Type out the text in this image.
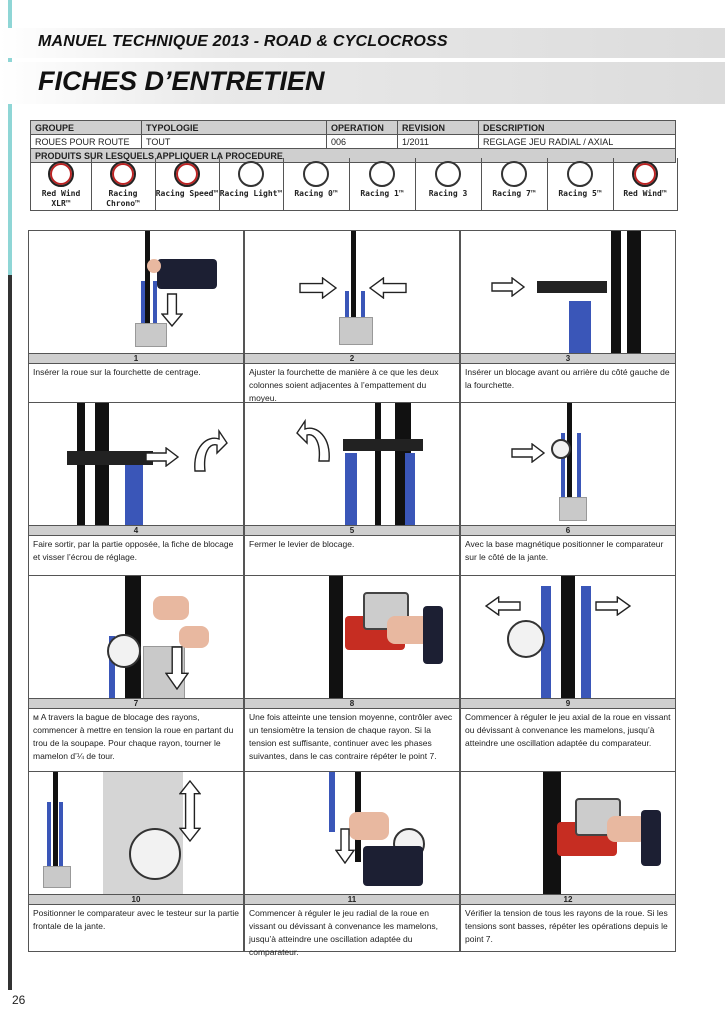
MANUEL TECHNIQUE 2013 - ROAD & CYCLOCROSS
FICHES D’ENTRETIEN
GROUPE	TYPOLOGIE	OPERATION	REVISION	DESCRIPTION
ROUES POUR ROUTE	TOUT	006	1/2011	REGLAGE JEU RADIAL / AXIAL
PRODUITS SUR LESQUELS APPLIQUER LA PROCEDURE				
Red Wind XLR™
Racing Chrono™
Racing Speed™ Racing Light™	Racing 0™	Racing 1™	Racing 3	Racing 7™	Racing 5™	Red Wind™
1
Insérer la roue sur la fourchette de centrage.
2
Ajuster la fourchette de manière à ce que les deux colonnes soient adjacentes à l’empattement du moyeu.
3
Insérer un blocage avant ou arrière du côté gauche de la fourchette.
4
Faire sortir, par la partie opposée, la fiche de blocage et visser l’écrou de réglage.
5
Fermer le levier de blocage.
6
Avec la base magnétique positionner le comparateur sur le côté de la jante.
7
ᴍ A travers la bague de blocage des rayons, commencer à mettre en tension la roue en partant du trou de la soupape. Pour chaque rayon, tourner le mamelon d’¼ de tour.
8
Une fois atteinte une tension moyenne, contrôler avec un tensiomètre la tension de chaque rayon. Si la tension est suffisante, continuer avec les phases suivantes, dans le cas contraire répéter le point 7.
9
Commencer à réguler le jeu axial de la roue en vissant ou dévissant à convenance les mamelons, jusqu’à atteindre une oscillation adaptée du comparateur.
10
Positionner le comparateur avec le testeur sur la partie frontale de la jante.
11
Commencer à réguler le jeu radial de la roue en vissant ou dévissant à convenance les mamelons, jusqu’à atteindre une oscillation adaptée du comparateur.
12
Vérifier la tension de tous les rayons de la roue. Si les tensions sont basses, répéter les opérations depuis le point 7.
26
